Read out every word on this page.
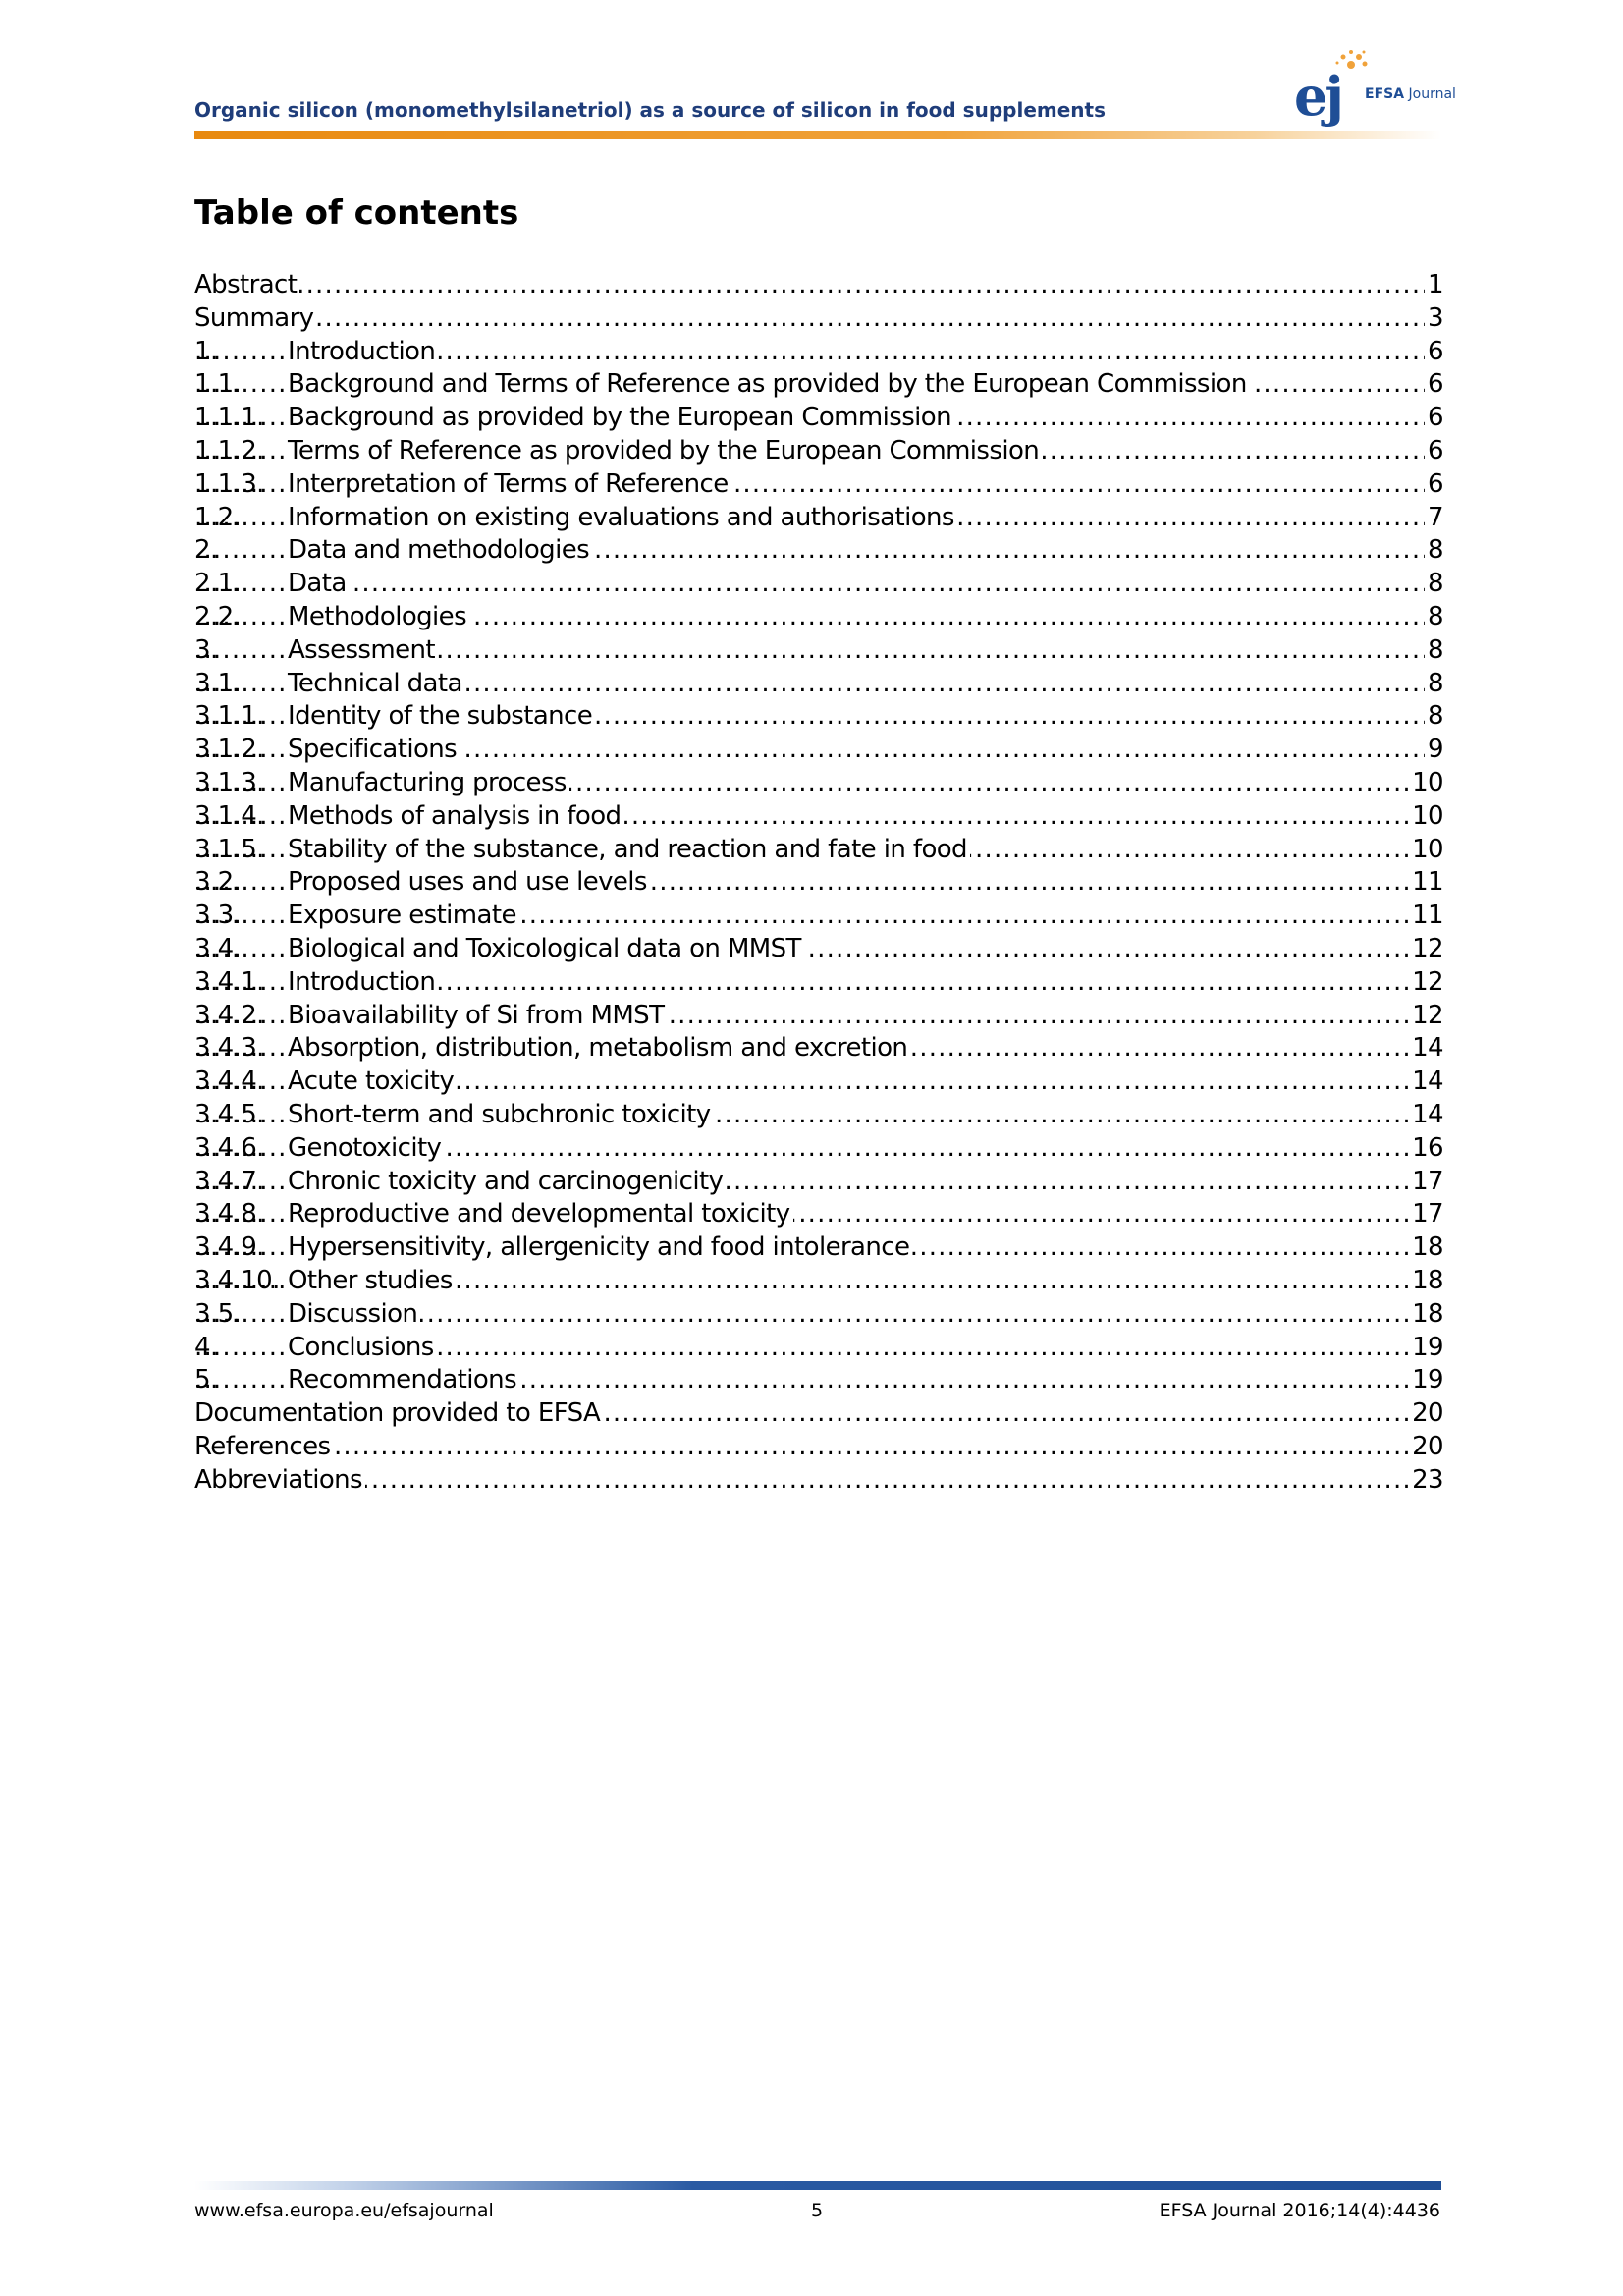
Organic silicon (monomethylsilanetriol) as a source of silicon in food supplements	ej EFSA Journal
Table of contents
.....
Abstract	1
.....
Summary	3
.....
1.	Introduction	6
.....
1.1. Background and Terms of Reference as provided by the European Commission	6
.....
1.1.1. Background as provided by the European Commission	6
.....
1.1.2. Terms of Reference as provided by the European Commission	6
.....
1.1.3. Interpretation of Terms of Reference	6
.....
1.2. Information on existing evaluations and authorisations	7
.....
2.	Data and methodologies	8
.....
2.1. Data	8
.....
2.2. Methodologies	8
.....
3.	Assessment	8
.....
3.1. Technical data	8
.....
3.1.1. Identity of the substance	8
.....
3.1.2. Specifications	9
.....
3.1.3. Manufacturing process	10
.....
3.1.4. Methods of analysis in food	10
.....
3.1.5. Stability of the substance, and reaction and fate in food	10
.....
3.2. Proposed uses and use levels	11
.....
3.3. Exposure estimate	11
.....
3.4. Biological and Toxicological data on MMST	12
.....
3.4.1. Introduction	12
.....
3.4.2. Bioavailability of Si from MMST	12
.....
3.4.3. Absorption, distribution, metabolism and excretion	14
.....
3.4.4. Acute toxicity	14
.....
3.4.5. Short-term and subchronic toxicity	14
.....
3.4.6. Genotoxicity	16
.....
3.4.7. Chronic toxicity and carcinogenicity	17
.....
3.4.8. Reproductive and developmental toxicity	17
.....
3.4.9. Hypersensitivity, allergenicity and food intolerance	18
.....
3.4.10. Other studies	18
.....
3.5. Discussion	18
.....
4.	Conclusions	19
.....
5.	Recommendations	19
.....
Documentation provided to EFSA	20
.....
References	20
.....
Abbreviations	23
www.efsa.europa.eu/efsajournal	5	EFSA Journal 2016;14(4):4436
